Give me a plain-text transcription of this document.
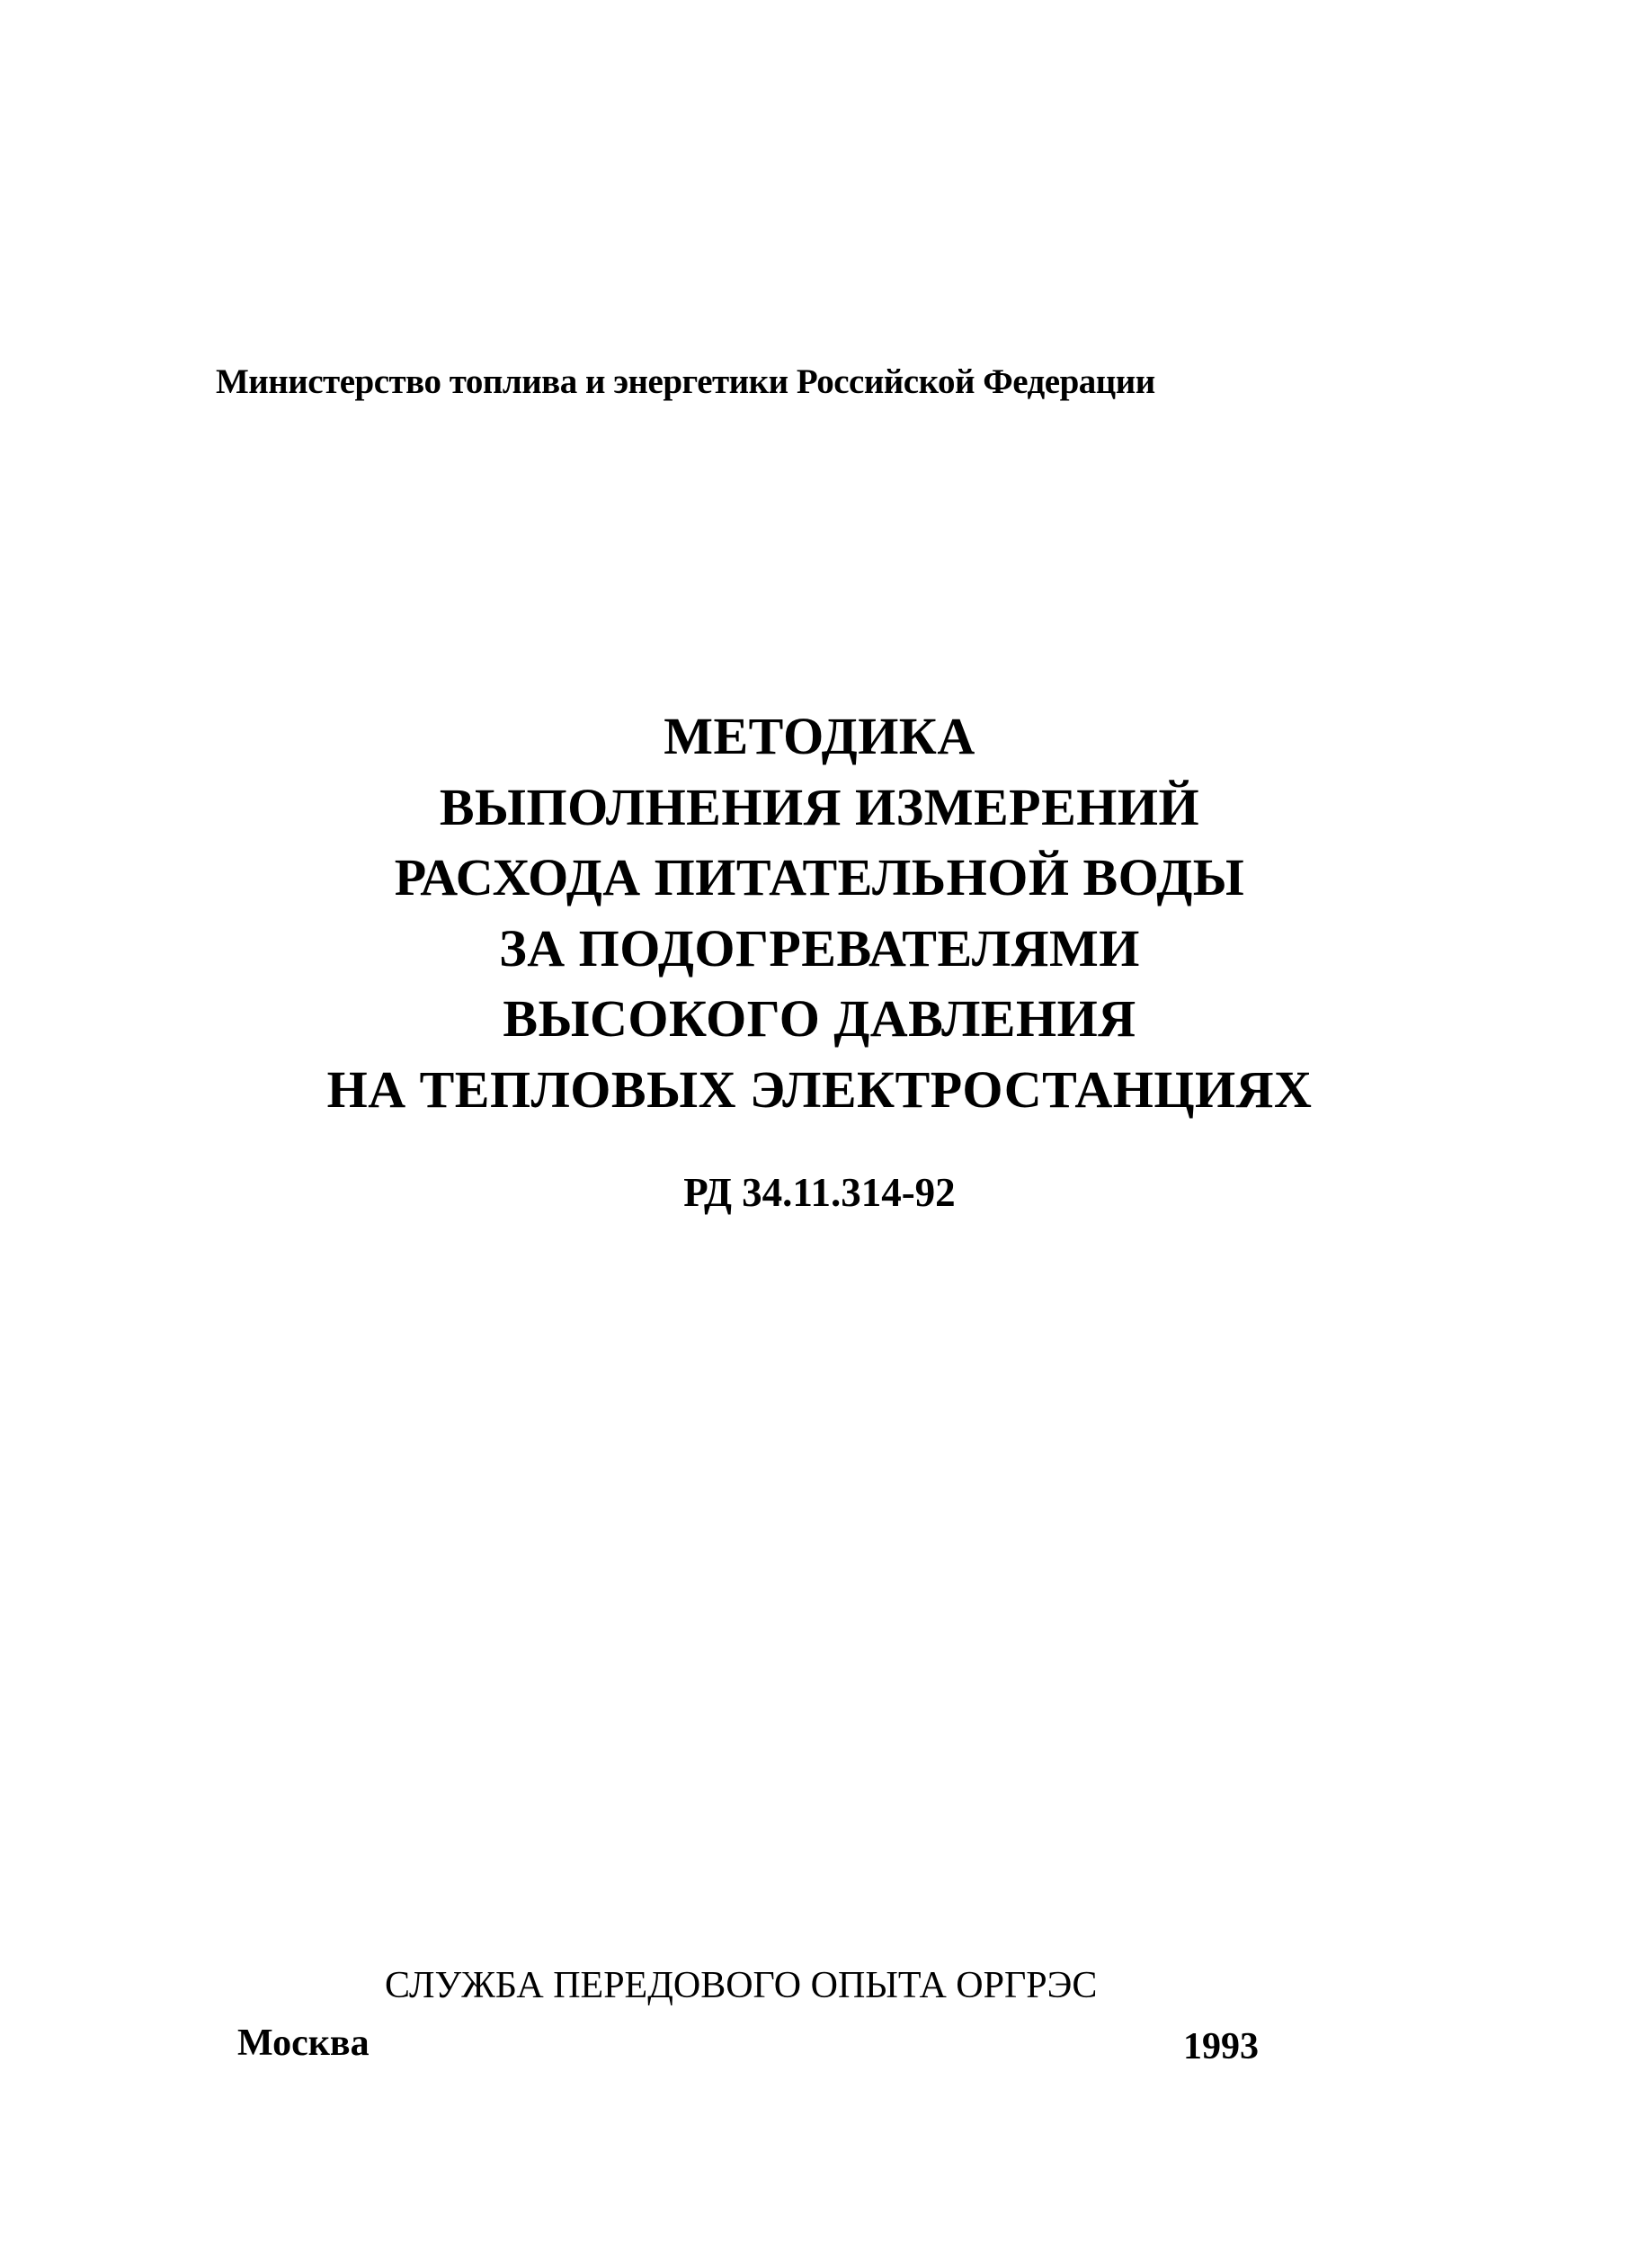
Министерство топлива и энергетики Российской Федерации
МЕТОДИКА
ВЫПОЛНЕНИЯ ИЗМЕРЕНИЙ
РАСХОДА ПИТАТЕЛЬНОЙ ВОДЫ
ЗА ПОДОГРЕВАТЕЛЯМИ
ВЫСОКОГО ДАВЛЕНИЯ
НА ТЕПЛОВЫХ ЭЛЕКТРОСТАНЦИЯХ
РД 34.11.314-92
СЛУЖБА ПЕРЕДОВОГО ОПЫТА ОРГРЭС
Москва	1993
